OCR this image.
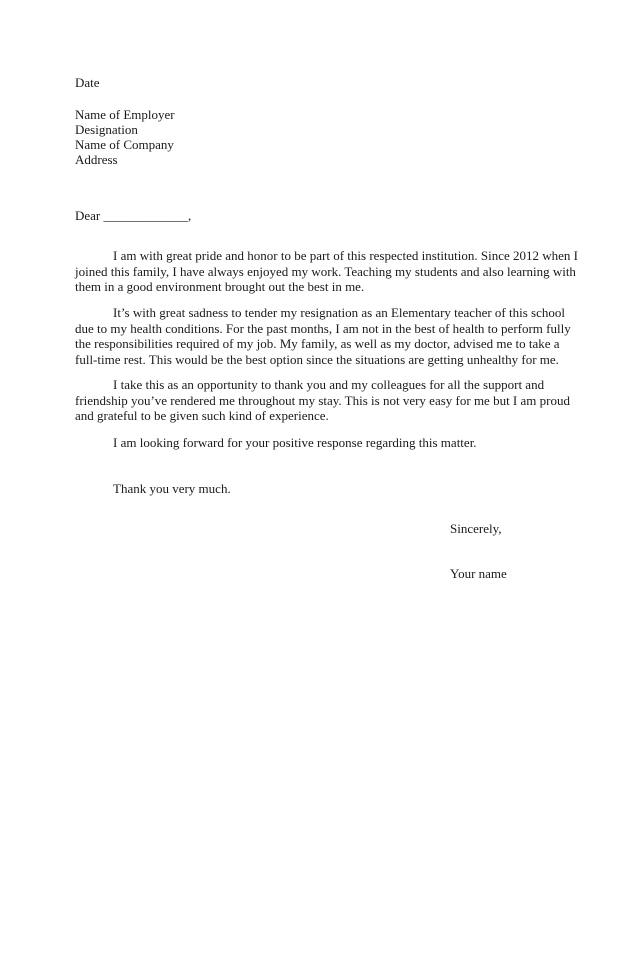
Date
Name of Employer
Designation
Name of Company
Address
Dear _____________,
I am with great pride and honor to be part of this respected institution. Since 2012 when I
joined this family, I have always enjoyed my work. Teaching my students and also learning with
them in a good environment brought out the best in me.
It’s with great sadness to tender my resignation as an Elementary teacher of this school
due to my health conditions. For the past months, I am not in the best of health to perform fully
the responsibilities required of my job. My family, as well as my doctor, advised me to take a
full-time rest. This would be the best option since the situations are getting unhealthy for me.
I take this as an opportunity to thank you and my colleagues for all the support and
friendship you’ve rendered me throughout my stay. This is not very easy for me but I am proud
and grateful to be given such kind of experience.
I am looking forward for your positive response regarding this matter.
Thank you very much.
Sincerely,
Your name
